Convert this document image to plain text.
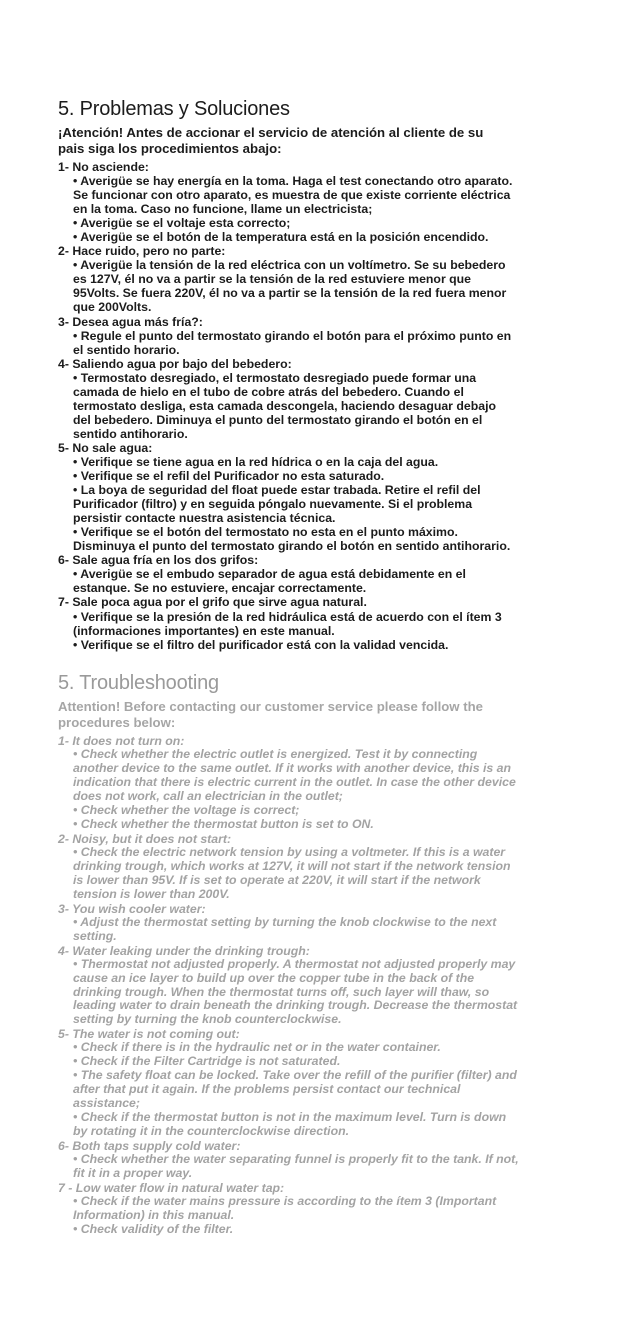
5. Problemas y Soluciones
¡Atención! Antes de accionar el servicio de atención al cliente de su
pais siga los procedimientos abajo:
1- No asciende:
• Averigüe se hay energía en la toma. Haga el test conectando otro aparato.
Se funcionar con otro aparato, es muestra de que existe corriente eléctrica
en la toma. Caso no funcione, llame un electricista;
• Averigüe se el voltaje esta correcto;
• Averigüe se el botón de la temperatura está en la posición encendido.
2- Hace ruido, pero no parte:
• Averigüe la tensión de la red eléctrica con un voltímetro. Se su bebedero
es 127V, él no va a partir se la tensión de la red estuviere menor que
95Volts. Se fuera 220V, él no va a partir se la tensión de la red fuera menor
que 200Volts.
3- Desea agua más fría?:
• Regule el punto del termostato girando el botón para el próximo punto en
el sentido horario.
4- Saliendo agua por bajo del bebedero:
• Termostato desregiado, el termostato desregiado puede formar una
camada de hielo en el tubo de cobre atrás del bebedero. Cuando el
termostato desliga, esta camada descongela, haciendo desaguar debajo
del bebedero. Diminuya el punto del termostato girando el botón en el
sentido antihorario.
5- No sale agua:
• Verifique se tiene agua en la red hídrica o en la caja del agua.
• Verifique se el refil del Purificador no esta saturado.
• La boya de seguridad del float puede estar trabada. Retire el refil del
Purificador (filtro) y en seguida póngalo nuevamente. Si el problema
persistir contacte nuestra asistencia técnica.
• Verifique se el botón del termostato no esta en el punto máximo.
Disminuya el punto del termostato girando el botón en sentido antihorario.
6- Sale agua fría en los dos grifos:
• Averigüe se el embudo separador de agua está debidamente en el
estanque. Se no estuviere, encajar correctamente.
7- Sale poca agua por el grifo que sirve agua natural.
• Verifique se la presión de la red hidráulica está de acuerdo con el ítem 3
(informaciones importantes) en este manual.
• Verifique se el filtro del purificador está con la validad vencida.
5. Troubleshooting
Attention! Before contacting our customer service please follow the
procedures below:
1- It does not turn on:
• Check whether the electric outlet is energized. Test it by connecting
another device to the same outlet. If it works with another device, this is an
indication that there is electric current in the outlet. In case the other device
does not work, call an electrician in the outlet;
• Check whether the voltage is correct;
• Check whether the thermostat button is set to ON.
2- Noisy, but it does not start:
• Check the electric network tension by using a voltmeter. If this is a water
drinking trough, which works at 127V, it will not start if the network tension
is lower than 95V. If is set to operate at 220V, it will start if the network
tension is lower than 200V.
3- You wish cooler water:
• Adjust the thermostat setting by turning the knob clockwise to the next
setting.
4- Water leaking under the drinking trough:
• Thermostat not adjusted properly. A thermostat not adjusted properly may
cause an ice layer to build up over the copper tube in the back of the
drinking trough. When the thermostat turns off, such layer will thaw, so
leading water to drain beneath the drinking trough. Decrease the thermostat
setting by turning the knob counterclockwise.
5- The water is not coming out:
• Check if there is in the hydraulic net or in the water container.
• Check if the Filter Cartridge is not saturated.
• The safety float can be locked. Take over the refill of the purifier (filter) and
after that put it again. If the problems persist contact our technical
assistance;
• Check if the thermostat button is not in the maximum level. Turn is down
by rotating it in the counterclockwise direction.
6- Both taps supply cold water:
• Check whether the water separating funnel is properly fit to the tank. If not,
fit it in a proper way.
7 - Low water flow in natural water tap:
• Check if the water mains pressure is according to the ítem 3 (Important
Information) in this manual.
• Check validity of the filter.
